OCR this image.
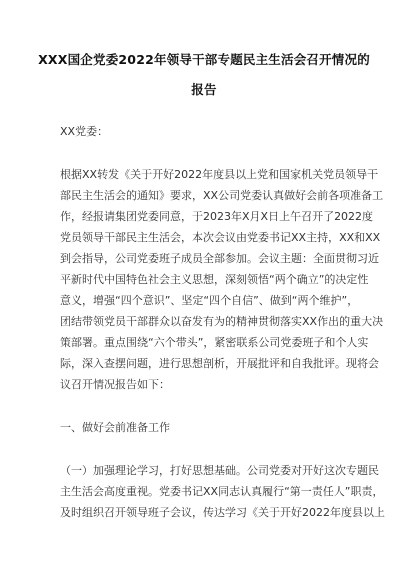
XXX国企党委2022年领导干部专题民主生活会召开情况的
报告
XX党委：
根据XX转发《关于开好2022年度县以上党和国家机关党员领导干
部民主生活会的通知》要求，XX公司党委认真做好会前各项准备工
作，经报请集团党委同意，于2023年X月X日上午召开了2022度
党员领导干部民主生活会，本次会议由党委书记XX主持，XX和XX
到会指导，公司党委班子成员全部参加。会议主题：全面贯彻习近
平新时代中国特色社会主义思想，深刻领悟“两个确立”的决定性
意义，增强“四个意识”、坚定“四个自信”、做到“两个维护”，
团结带领党员干部群众以奋发有为的精神贯彻落实XX作出的重大决
策部署。重点围绕“六个带头”，紧密联系公司党委班子和个人实
际，深入查摆问题，进行思想剖析，开展批评和自我批评。现将会
议召开情况报告如下：
一、做好会前准备工作
（一）加强理论学习，打好思想基础。公司党委对开好这次专题民
主生活会高度重视。党委书记XX同志认真履行“第一责任人”职责，
及时组织召开领导班子会议，传达学习《关于开好2022年度县以上
